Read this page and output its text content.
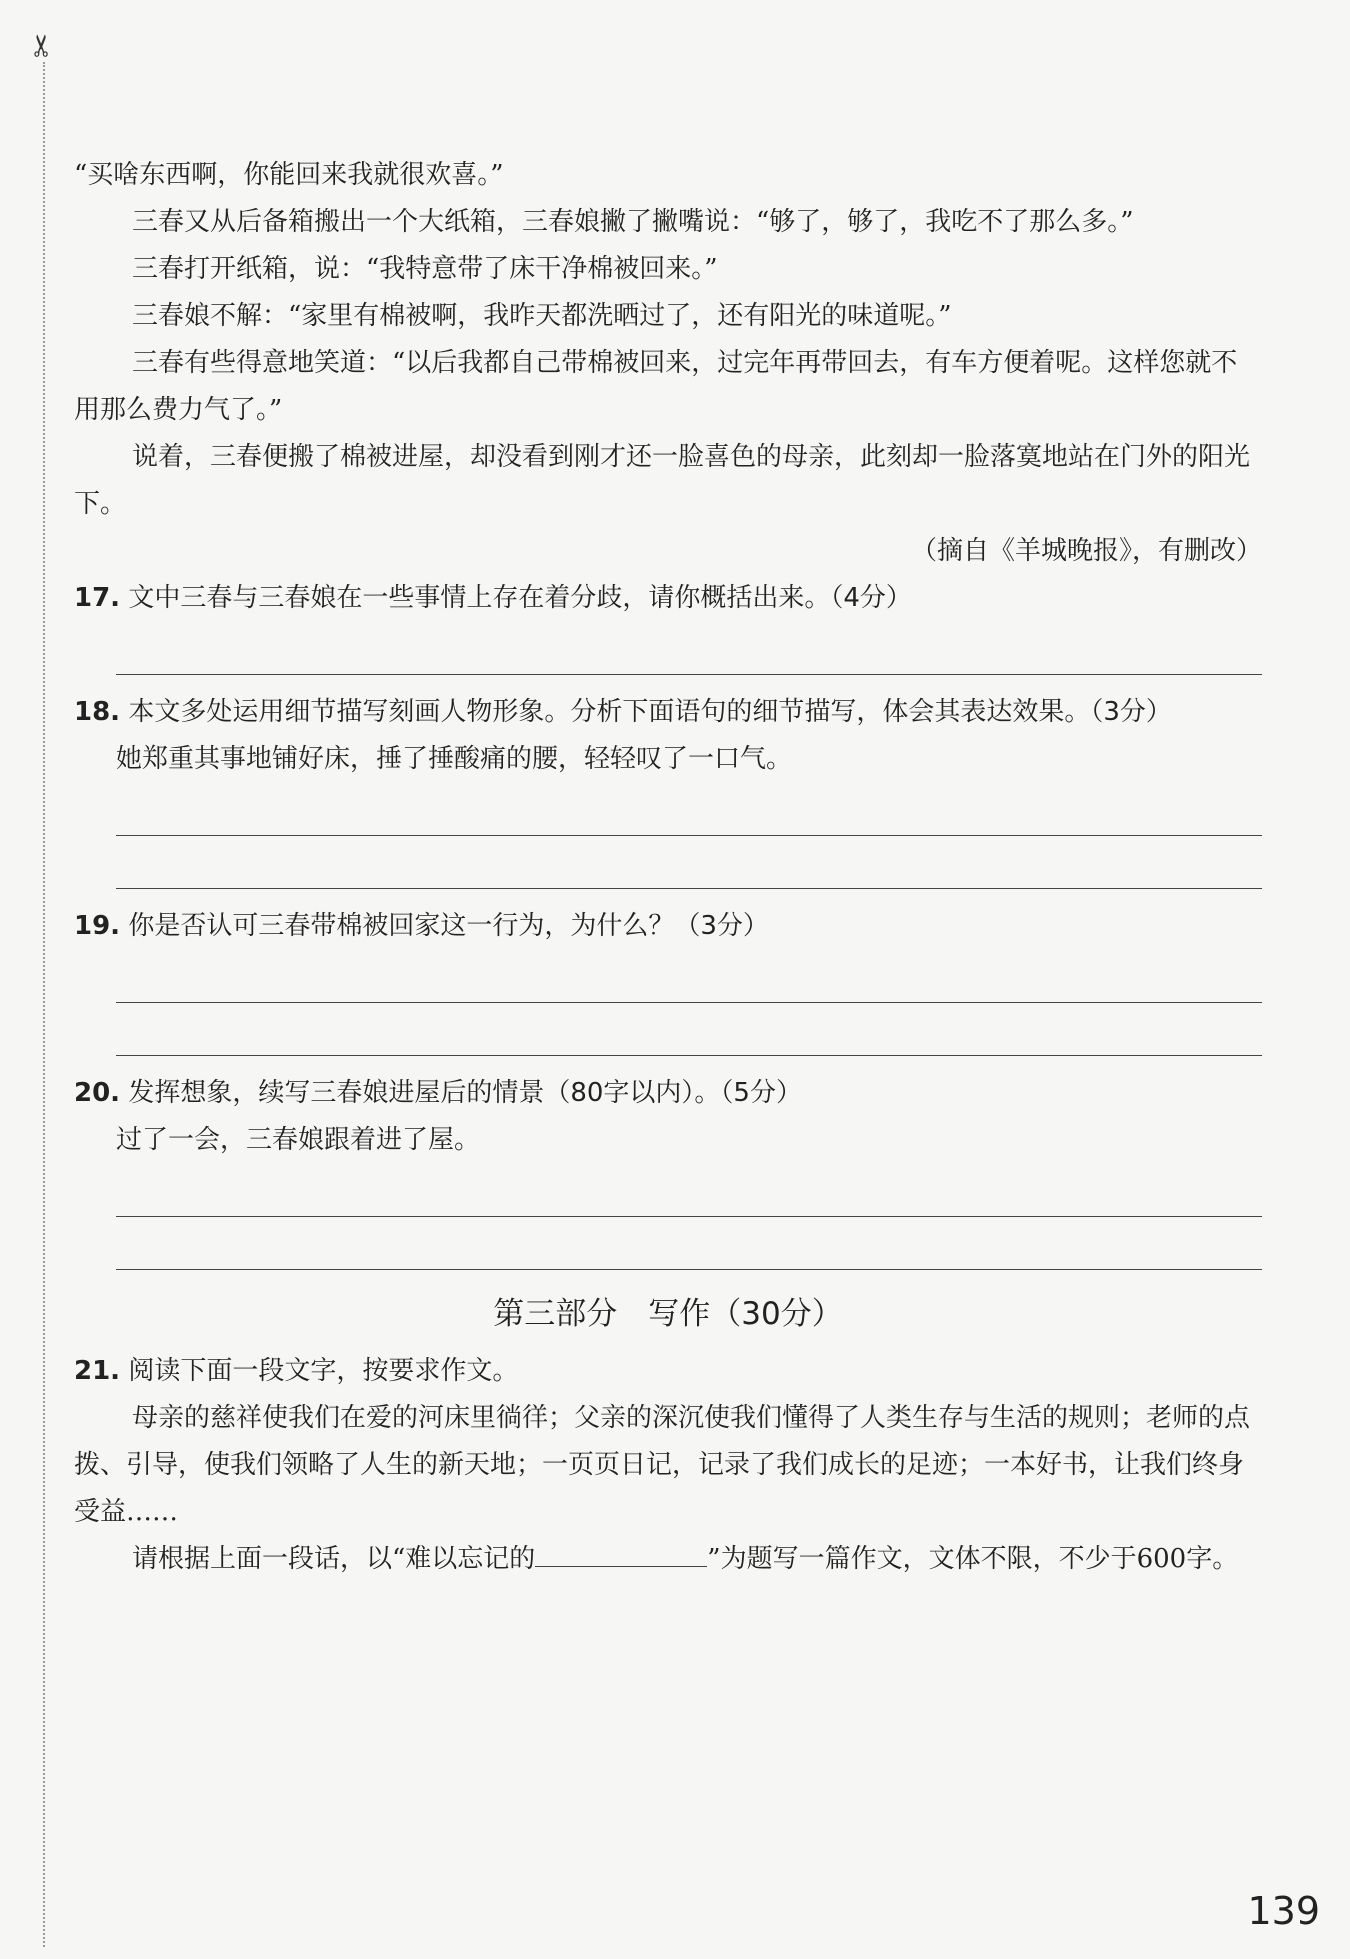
✂

“买啥东西啊，你能回来我就很欢喜。”

三春又从后备箱搬出一个大纸箱，三春娘撇了撇嘴说：“够了，够了，我吃不了那么多。”

三春打开纸箱，说：“我特意带了床干净棉被回来。”

三春娘不解：“家里有棉被啊，我昨天都洗晒过了，还有阳光的味道呢。”

三春有些得意地笑道：“以后我都自己带棉被回来，过完年再带回去，有车方便着呢。这样您就不用那么费力气了。”

说着，三春便搬了棉被进屋，却没看到刚才还一脸喜色的母亲，此刻却一脸落寞地站在门外的阳光下。

（摘自《羊城晚报》，有删改）

17. 文中三春与三春娘在一些事情上存在着分歧，请你概括出来。（4分）

18. 本文多处运用细节描写刻画人物形象。分析下面语句的细节描写，体会其表达效果。（3分）

她郑重其事地铺好床，捶了捶酸痛的腰，轻轻叹了一口气。

19. 你是否认可三春带棉被回家这一行为，为什么？（3分）

20. 发挥想象，续写三春娘进屋后的情景（80字以内）。（5分）

过了一会，三春娘跟着进了屋。

第三部分　写作（30分）

21. 阅读下面一段文字，按要求作文。

母亲的慈祥使我们在爱的河床里徜徉；父亲的深沉使我们懂得了人类生存与生活的规则；老师的点拨、引导，使我们领略了人生的新天地；一页页日记，记录了我们成长的足迹；一本好书，让我们终身受益……

请根据上面一段话，以“难以忘记的	”为题写一篇作文，文体不限，不少于600字。

139
